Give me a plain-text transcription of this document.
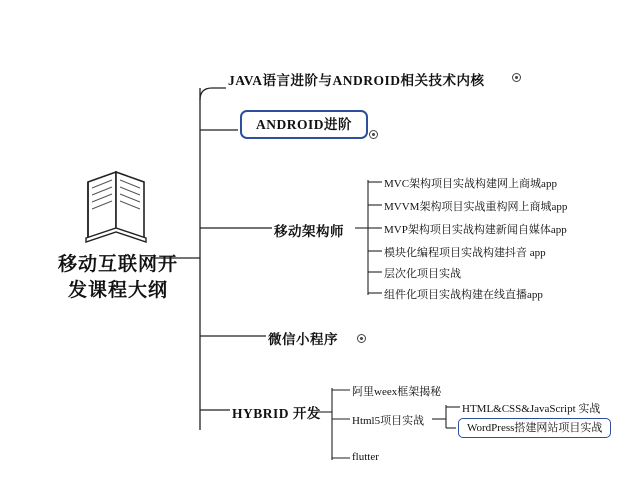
移动互联网开
发课程大纲
JAVA语言进阶与ANDROID相关技术内核
ANDROID进阶
移动架构师
MVC架构项目实战构建网上商城app
MVVM架构项目实战重构网上商城app
MVP架构项目实战构建新闻自媒体app
模块化编程项目实战构建抖音 app
层次化项目实战
组件化项目实战构建在线直播app
微信小程序
HYBRID 开发
阿里weex框架揭秘
Html5项目实战
flutter
HTML&CSS&JavaScript 实战
WordPress搭建网站项目实战
